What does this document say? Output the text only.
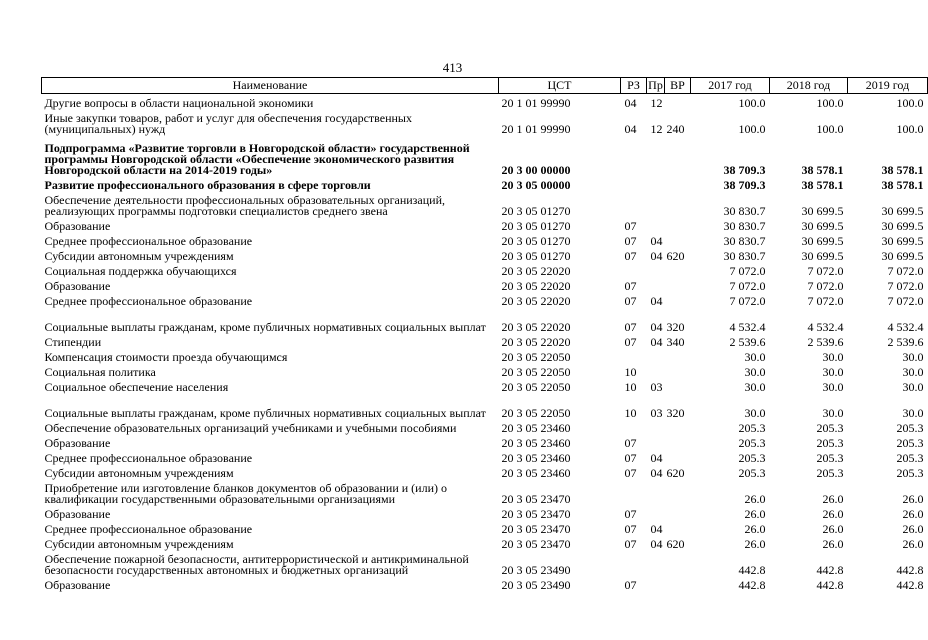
413
Наименование	ЦСТ	РЗ	Пр	ВР	2017 год	2018 год	2019 год
Другие вопросы в области национальной экономики	20 1 01 99990	04	12		100.0	100.0	100.0
Иные закупки товаров, работ и услуг для обеспечения государственных (муниципальных) нужд	20 1 01 99990	04	12	240	100.0	100.0	100.0
Подпрограмма «Развитие торговли в Новгородской области» государственной программы Новгородской области «Обеспечение экономического развития Новгородской области на 2014-2019 годы»	20 3 00 00000				38 709.3	38 578.1	38 578.1
Развитие профессионального образования в сфере торговли	20 3 05 00000				38 709.3	38 578.1	38 578.1
Обеспечение деятельности профессиональных образовательных организаций, реализующих программы подготовки специалистов среднего звена	20 3 05 01270				30 830.7	30 699.5	30 699.5
Образование	20 3 05 01270	07			30 830.7	30 699.5	30 699.5
Среднее профессиональное образование	20 3 05 01270	07	04		30 830.7	30 699.5	30 699.5
Субсидии автономным учреждениям	20 3 05 01270	07	04	620	30 830.7	30 699.5	30 699.5
Социальная поддержка обучающихся	20 3 05 22020				7 072.0	7 072.0	7 072.0
Образование	20 3 05 22020	07			7 072.0	7 072.0	7 072.0
Среднее профессиональное образование	20 3 05 22020	07	04		7 072.0	7 072.0	7 072.0
Социальные выплаты гражданам, кроме публичных нормативных социальных выплат	20 3 05 22020	07	04	320	4 532.4	4 532.4	4 532.4
Стипендии	20 3 05 22020	07	04	340	2 539.6	2 539.6	2 539.6
Компенсация стоимости проезда обучающимся	20 3 05 22050				30.0	30.0	30.0
Социальная политика	20 3 05 22050	10			30.0	30.0	30.0
Социальное обеспечение населения	20 3 05 22050	10	03		30.0	30.0	30.0
Социальные выплаты гражданам, кроме публичных нормативных социальных выплат	20 3 05 22050	10	03	320	30.0	30.0	30.0
Обеспечение образовательных организаций учебниками и учебными пособиями	20 3 05 23460				205.3	205.3	205.3
Образование	20 3 05 23460	07			205.3	205.3	205.3
Среднее профессиональное образование	20 3 05 23460	07	04		205.3	205.3	205.3
Субсидии автономным учреждениям	20 3 05 23460	07	04	620	205.3	205.3	205.3
Приобретение или изготовление бланков документов об образовании и (или) о квалификации государственными образовательными организациями	20 3 05 23470				26.0	26.0	26.0
Образование	20 3 05 23470	07			26.0	26.0	26.0
Среднее профессиональное образование	20 3 05 23470	07	04		26.0	26.0	26.0
Субсидии автономным учреждениям	20 3 05 23470	07	04	620	26.0	26.0	26.0
Обеспечение пожарной безопасности, антитеррористической и антикриминальной безопасности государственных автономных и бюджетных организаций	20 3 05 23490				442.8	442.8	442.8
Образование	20 3 05 23490	07			442.8	442.8	442.8
